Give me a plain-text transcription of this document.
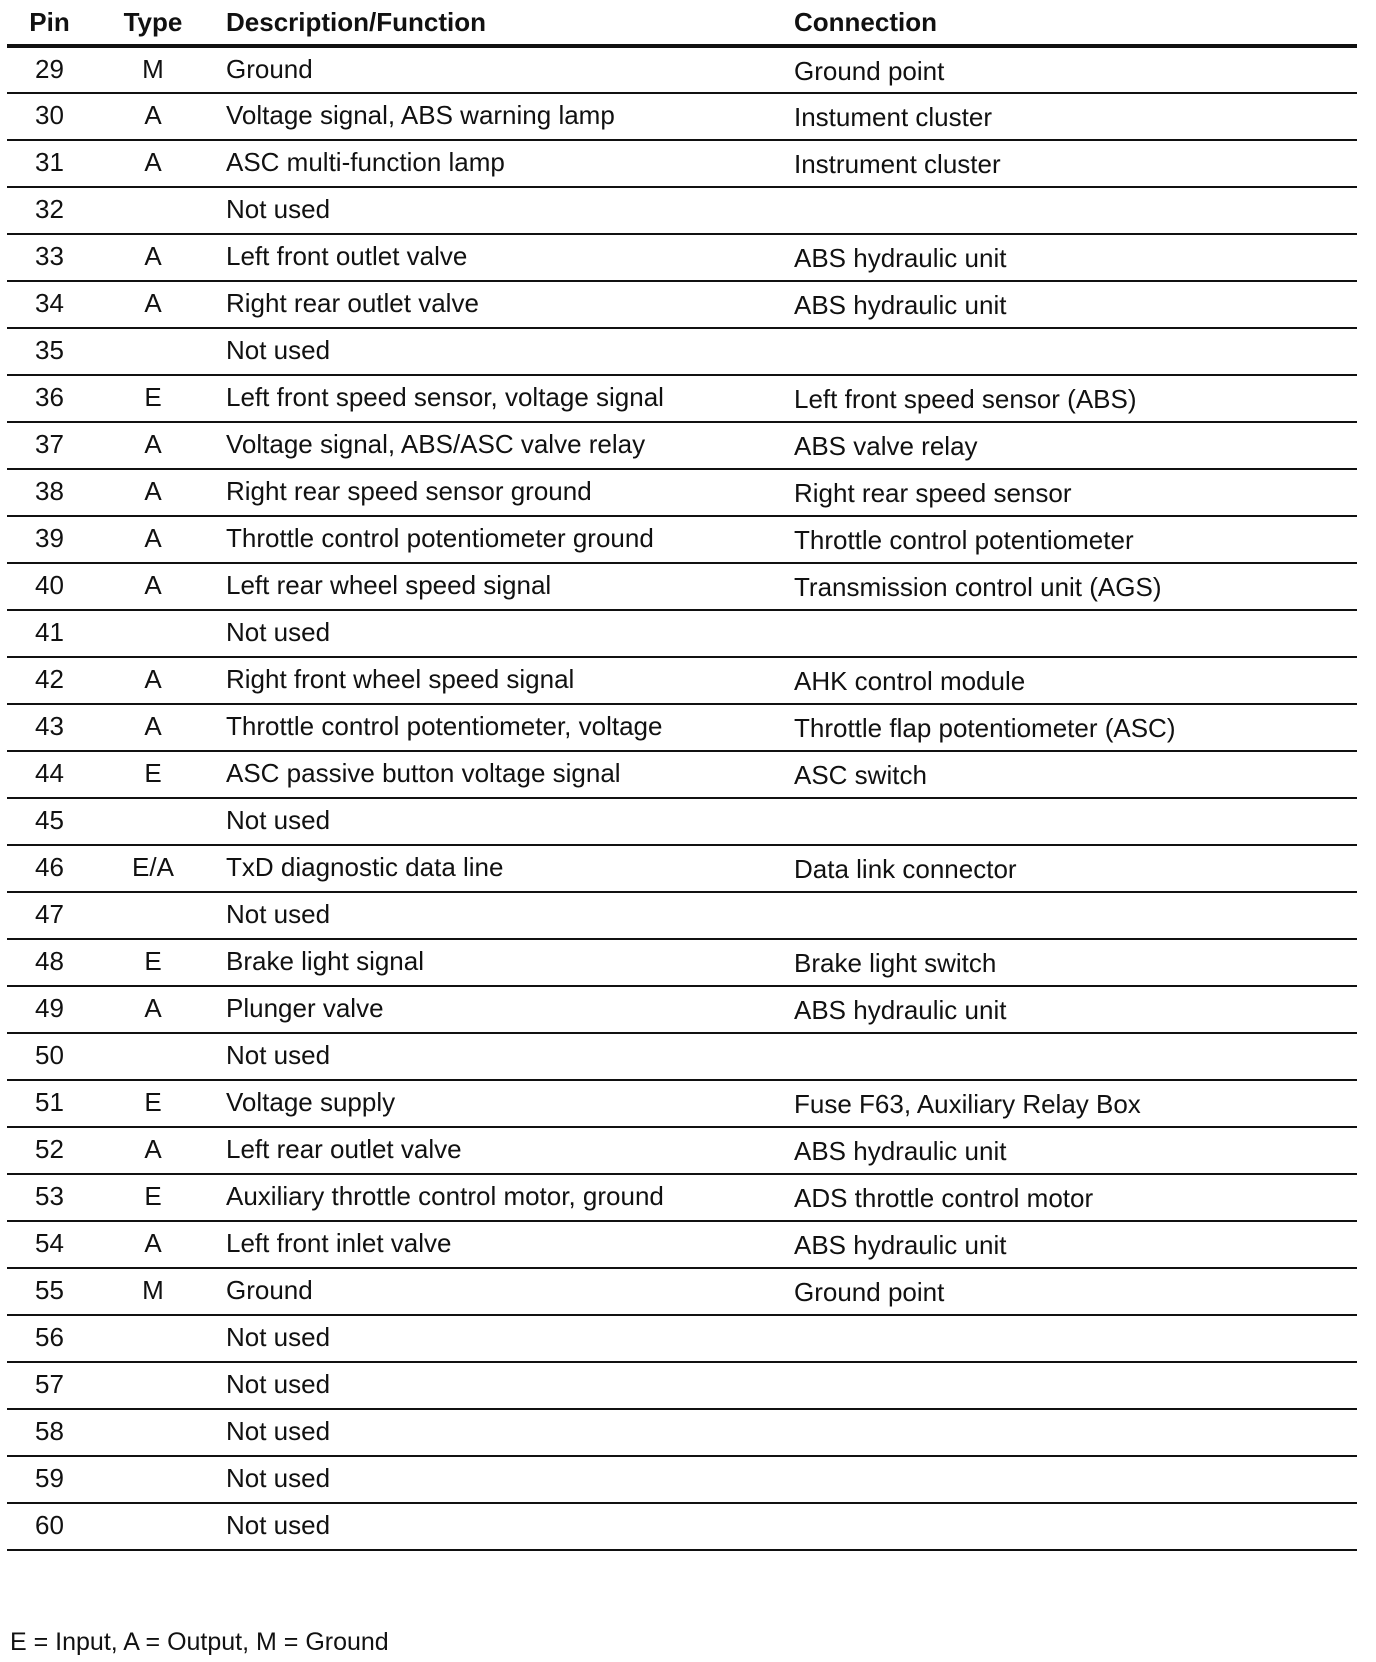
Pin	Type	Description/Function	Connection
29	M	Ground	Ground point
30	A	Voltage signal, ABS warning lamp	Instument cluster
31	A	ASC multi-function lamp	Instrument cluster
32		Not used	
33	A	Left front outlet valve	ABS hydraulic unit
34	A	Right rear outlet valve	ABS hydraulic unit
35		Not used	
36	E	Left front speed sensor, voltage signal	Left front speed sensor (ABS)
37	A	Voltage signal, ABS/ASC valve relay	ABS valve relay
38	A	Right rear speed sensor ground	Right rear speed sensor
39	A	Throttle control potentiometer ground	Throttle control potentiometer
40	A	Left rear wheel speed signal	Transmission control unit (AGS)
41		Not used	
42	A	Right front wheel speed signal	AHK control module
43	A	Throttle control potentiometer, voltage	Throttle flap potentiometer (ASC)
44	E	ASC passive button voltage signal	ASC switch
45		Not used	
46	E/A	TxD diagnostic data line	Data link connector
47		Not used	
48	E	Brake light signal	Brake light switch
49	A	Plunger valve	ABS hydraulic unit
50		Not used	
51	E	Voltage supply	Fuse F63, Auxiliary Relay Box
52	A	Left rear outlet valve	ABS hydraulic unit
53	E	Auxiliary throttle control motor, ground	ADS throttle control motor
54	A	Left front inlet valve	ABS hydraulic unit
55	M	Ground	Ground point
56		Not used	
57		Not used	
58		Not used	
59		Not used	
60		Not used	
E = Input, A = Output, M = Ground
